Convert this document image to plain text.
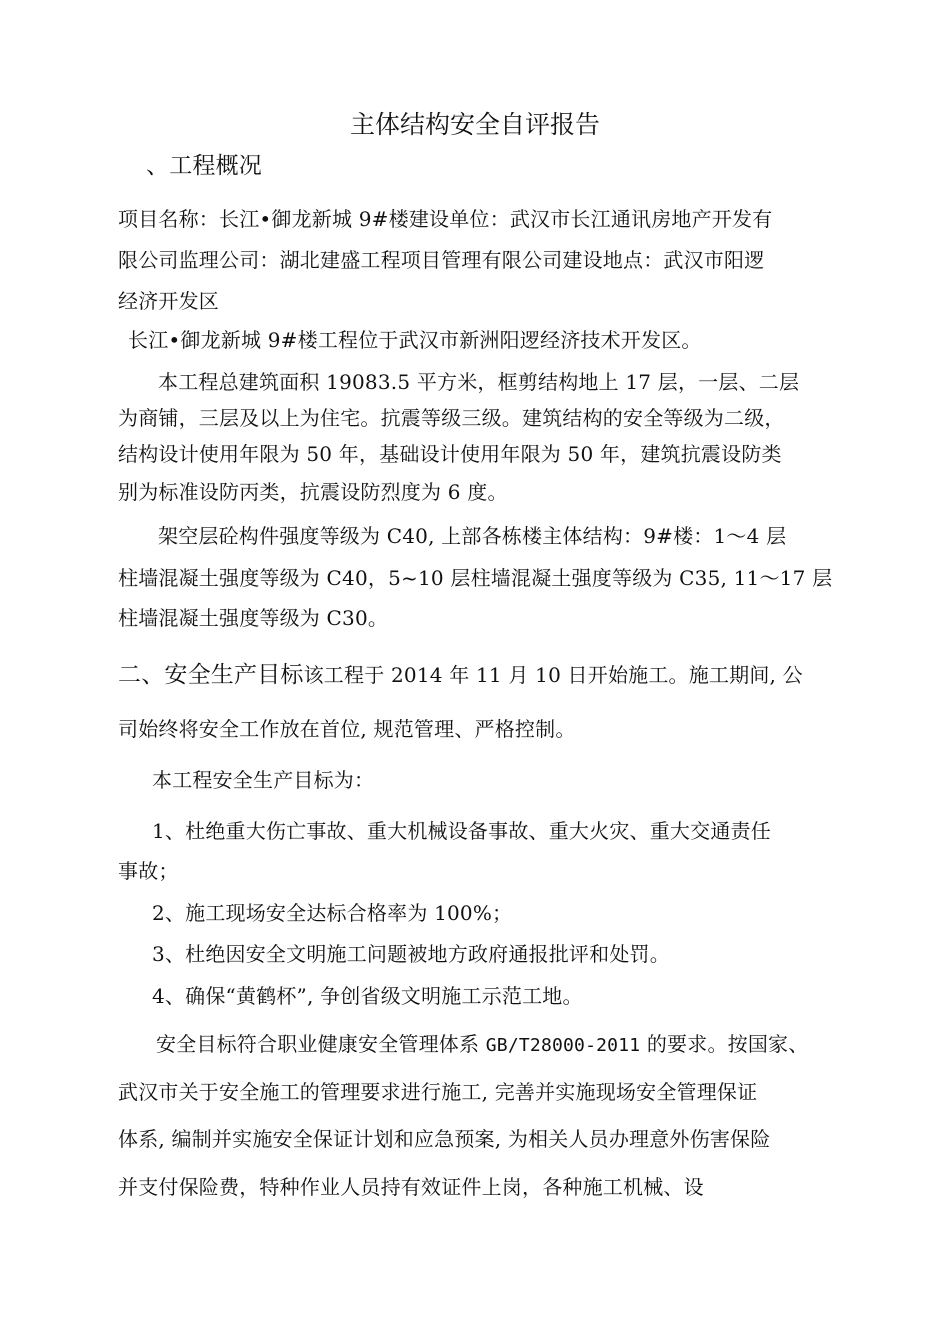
主体结构安全自评报告
、工程概况
项目名称：长江•御龙新城 9#楼建设单位：武汉市长江通讯房地产开发有
限公司监理公司：湖北建盛工程项目管理有限公司建设地点：武汉市阳逻
经济开发区
长江•御龙新城 9#楼工程位于武汉市新洲阳逻经济技术开发区。
本工程总建筑面积 19083.5 平方米，框剪结构地上 17 层，一层、二层
为商铺，三层及以上为住宅。抗震等级三级。建筑结构的安全等级为二级，
结构设计使用年限为 50 年，基础设计使用年限为 50 年，建筑抗震设防类
别为标准设防丙类，抗震设防烈度为 6 度。
架空层砼构件强度等级为 C40, 上部各栋楼主体结构：9#楼：1〜4 层
柱墙混凝土强度等级为 C40，5~10 层柱墙混凝土强度等级为 C35, 11〜17 层
柱墙混凝土强度等级为 C30。
二、安全生产目标该工程于 2014 年 11 月 10 日开始施工。施工期间, 公
司始终将安全工作放在首位, 规范管理、严格控制。
本工程安全生产目标为：
1、杜绝重大伤亡事故、重大机械设备事故、重大火灾、重大交通责任
事故；
2、施工现场安全达标合格率为 100%；
3、杜绝因安全文明施工问题被地方政府通报批评和处罚。
4、确保“黄鹤杯”, 争创省级文明施工示范工地。
安全目标符合职业健康安全管理体系 GB/T28000-2011 的要求。按国家、
武汉市关于安全施工的管理要求进行施工, 完善并实施现场安全管理保证
体系, 编制并实施安全保证计划和应急预案, 为相关人员办理意外伤害保险
并支付保险费，特种作业人员持有效证件上岗，各种施工机械、设
